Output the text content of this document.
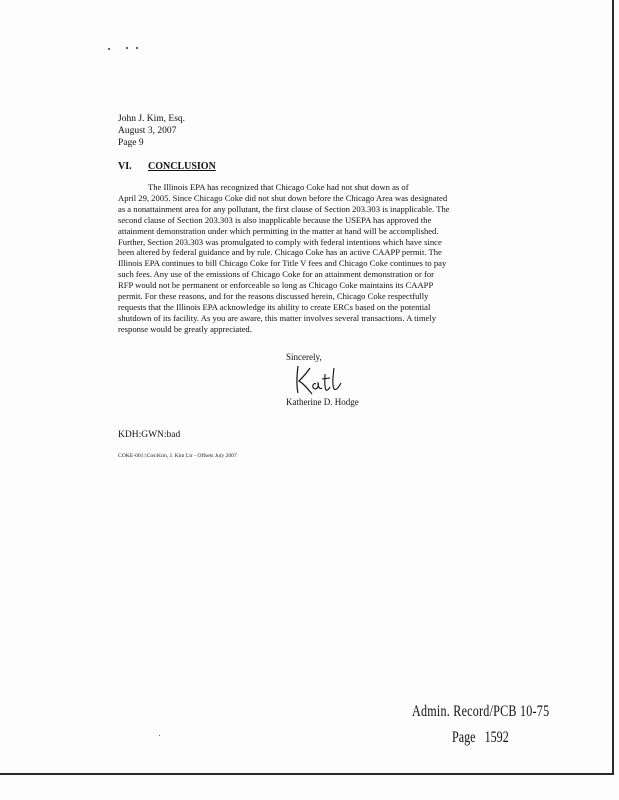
John J. Kim, Esq.
August 3, 2007
Page 9
VI. CONCLUSION
The Illinois EPA has recognized that Chicago Coke had not shut down as of
April 29, 2005. Since Chicago Coke did not shut down before the Chicago Area was designated
as a nonattainment area for any pollutant, the first clause of Section 203.303 is inapplicable. The
second clause of Section 203.303 is also inapplicable because the USEPA has approved the
attainment demonstration under which permitting in the matter at hand will be accomplished.
Further, Section 203.303 was promulgated to comply with federal intentions which have since
been altered by federal guidance and by rule. Chicago Coke has an active CAAPP permit. The
Illinois EPA continues to bill Chicago Coke for Title V fees and Chicago Coke continues to pay
such fees. Any use of the emissions of Chicago Coke for an attainment demonstration or for
RFP would not be permanent or enforceable so long as Chicago Coke maintains its CAAPP
permit. For these reasons, and for the reasons discussed herein, Chicago Coke respectfully
requests that the Illinois EPA acknowledge its ability to create ERCs based on the potential
shutdown of its facility. As you are aware, this matter involves several transactions. A timely
response would be greatly appreciated.
Sincerely,
Katherine D. Hodge
KDH:GWN:bad
COKE-001:\Cos\Kim, J. Kim Ltr - Offsets July 2007
Admin. Record/PCB 10-75
Page 1592
